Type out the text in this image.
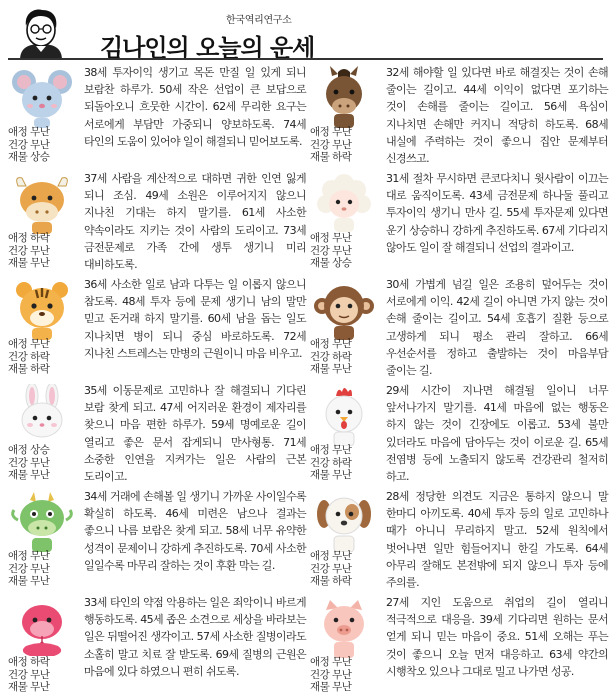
한국역리연구소
김나인의 오늘의 운세
애정 무난
건강 무난
재물 상승
38세 투자이익 생기고 목돈 만질 일 있게 되니 보람찬 하루가. 50세 작은 선업이 큰 보답으로 되돌아오니 흐뭇한 시간이. 62세 무리한 요구는 서로에게 부담만 가중되니 양보하도록. 74세 타인의 도움이 있어야 일이 해결되니 믿어보도록.
애정 하락
건강 무난
재물 무난
37세 사람을 계산적으로 대하면 귀한 인연 잃게 되니 조심. 49세 소원은 이루어지지 않으니 지나친 기대는 하지 말기를. 61세 사소한 약속이라도 지키는 것이 사람의 도리이고. 73세 금전문제로 가족 간에 생투 생기니 미리 대비하도록.
애정 무난
건강 하락
재물 하락
36세 사소한 일로 남과 다투는 일 이롭지 않으니 참도록. 48세 투자 등에 문제 생기니 남의 말만 믿고 돈거래 하지 말기를. 60세 남을 돕는 일도 지나치면 병이 되니 중심 바로하도록. 72세 지나친 스트레스는 만병의 근원이니 마음 비우고.
애정 상승
건강 무난
재물 무난
35세 이동문제로 고민하나 잘 해결되니 기다린 보람 찾게 되고. 47세 어지러운 환경이 제자리를 찾으니 마음 편한 하루가. 59세 명예로운 길이 열리고 좋은 문서 잡게되니 만사형통. 71세 소중한 인연을 지켜가는 일은 사람의 근본 도리이고.
애정 무난
건강 무난
재물 무난
34세 거래에 손해볼 일 생기니 가까운 사이일수록 확실히 하도록. 46세 미련은 남으나 결과는 좋으니 나름 보람은 찾게 되고. 58세 너무 유약한 성격이 문제이니 강하게 추진하도록. 70세 사소한 일일수록 마무리 잘하는 것이 후환 막는 길.
애정 하락
건강 무난
재물 무난
33세 타인의 약점 악용하는 일은 죄악이니 바르게 행동하도록. 45세 좁은 소견으로 세상을 바라보는 일은 뒤떨어진 생각이고. 57세 사소한 질병이라도 소홀히 말고 치료 잘 받도록. 69세 질병의 근원은 마음에 있다 하였으니 편히 쉬도록.
애정 무난
건강 무난
재물 하락
32세 해야할 일 있다면 바로 해결짓는 것이 손해 줄이는 길이고. 44세 이익이 없다면 포기하는 것이 손해를 줄이는 길이고. 56세 욕심이 지나치면 손해만 커지니 적당히 하도록. 68세 내실에 주력하는 것이 좋으니 집안 문제부터 신경쓰고.
애정 무난
건강 무난
재물 상승
31세 절차 무시하면 큰코다치니 윗사람이 이끄는 대로 움직이도록. 43세 금전문제 하나둘 풀리고 투자이익 생기니 만사 길. 55세 투자문제 있다면 운기 상승하니 강하게 추진하도록. 67세 기다리지 않아도 일이 잘 해결되니 선업의 결과이고.
애정 무난
건강 하락
재물 무난
30세 가볍게 넘길 일은 조용히 덮어두는 것이 서로에게 이익. 42세 길이 아니면 가지 않는 것이 손해 줄이는 길이고. 54세 호흡기 질환 등으로 고생하게 되니 평소 관리 잘하고. 66세 우선순서를 정하고 출발하는 것이 마음부담 줄이는 길.
애정 무난
건강 하락
재물 무난
29세 시간이 지나면 해결될 일이니 너무 앞서나가지 말기를. 41세 마음에 없는 행동은 하지 않는 것이 긴장에도 이롭고. 53세 불만 있더라도 마음에 담아두는 것이 이로운 길. 65세 전염병 등에 노출되지 않도록 건강관리 철저히 하고.
애정 무난
건강 무난
재물 하락
28세 정당한 의견도 지금은 통하지 않으니 말 한마디 아끼도록. 40세 투자 등의 일로 고민하나 때가 아니니 무리하지 말고. 52세 원칙에서 벗어나면 일만 힘들어지니 한길 가도록. 64세 아무리 잘해도 본전밖에 되지 않으니 투자 등에 주의를.
애정 무난
건강 무난
재물 무난
27세 지인 도움으로 취업의 길이 열리니 적극적으로 대응을. 39세 기다리면 원하는 문서 얻게 되니 믿는 마음이 중요. 51세 오해는 푸는 것이 좋으니 오늘 먼저 대응하고. 63세 약간의 시행착오 있으나 그대로 밀고 나가면 성공.
